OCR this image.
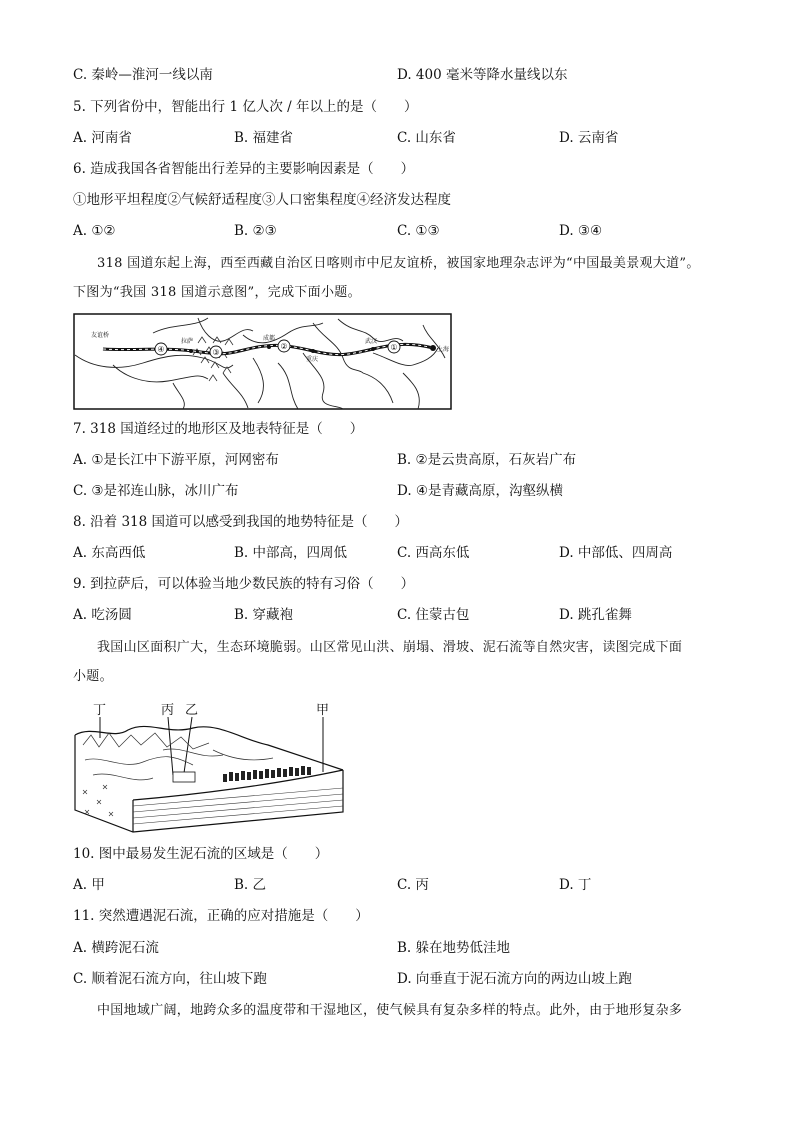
C. 秦岭—淮河一线以南	D. 400 毫米等降水量线以东
5. 下列省份中，智能出行 1 亿人次 / 年以上的是（　　）
A. 河南省	B. 福建省	C. 山东省	D. 云南省
6. 造成我国各省智能出行差异的主要影响因素是（　　）
①地形平坦程度②气候舒适程度③人口密集程度④经济发达程度
A. ①②	B. ②③	C. ①③	D. ③④
318 国道东起上海，西至西藏自治区日喀则市中尼友谊桥，被国家地理杂志评为“中国最美景观大道”。
下图为“我国 318 国道示意图”，完成下面小题。
④	③
②	①
友谊桥
上海
拉萨	成都
重庆
武汉
7. 318 国道经过的地形区及地表特征是（　　）
A. ①是长江中下游平原，河网密布	B. ②是云贵高原，石灰岩广布
C. ③是祁连山脉，冰川广布	D. ④是青藏高原，沟壑纵横
8. 沿着 318 国道可以感受到我国的地势特征是（　　）
A. 东高西低	B. 中部高，四周低	C. 西高东低	D. 中部低、四周高
9. 到拉萨后，可以体验当地少数民族的特有习俗（　　）
A. 吃汤圆	B. 穿藏袍	C. 住蒙古包	D. 跳孔雀舞
我国山区面积广大，生态环境脆弱。山区常见山洪、崩塌、滑坡、泥石流等自然灾害，读图完成下面
小题。
丁	丙 乙	甲
10. 图中最易发生泥石流的区域是（　　）
A. 甲	B. 乙	C. 丙	D. 丁
11. 突然遭遇泥石流，正确的应对措施是（　　）
A. 横跨泥石流	B. 躲在地势低洼地
C. 顺着泥石流方向，往山坡下跑	D. 向垂直于泥石流方向的两边山坡上跑
中国地域广阔，地跨众多的温度带和干湿地区，使气候具有复杂多样的特点。此外，由于地形复杂多
